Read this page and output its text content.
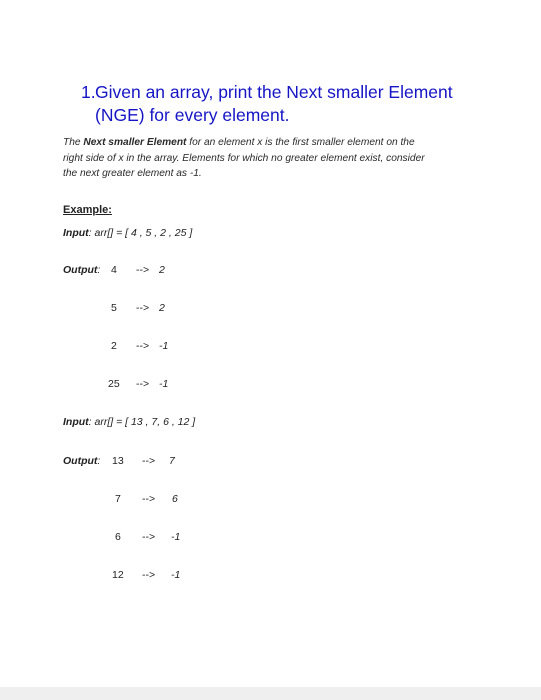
1.Given an array, print the Next smaller Element
(NGE) for every element.
The Next smaller Element for an element x is the first smaller element on the
right side of x in the array. Elements for which no greater element exist, consider
the next greater element as -1.
Example:
Input: arr[] = [ 4 , 5 , 2 , 25 ]
Output: 4 --> 2
5 --> 2
2 --> -1
25 --> -1
Input: arr[] = [ 13 , 7, 6 , 12 ]
Output: 13 --> 7
7 --> 6
6 --> -1
12 --> -1
